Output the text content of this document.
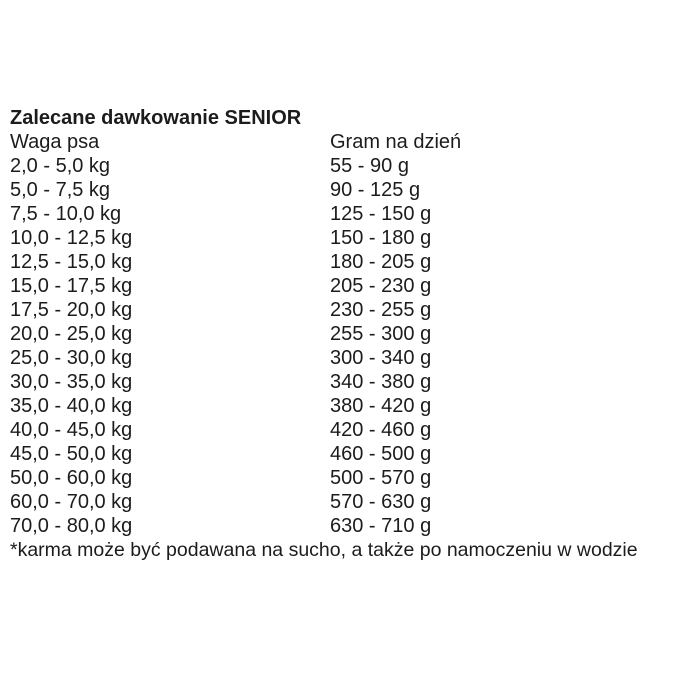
Zalecane dawkowanie SENIOR
Waga psa	Gram na dzień
2,0 - 5,0 kg	55 - 90 g
5,0 - 7,5 kg	90 - 125 g
7,5 - 10,0 kg	125 - 150 g
10,0 - 12,5 kg	150 - 180 g
12,5 - 15,0 kg	180 - 205 g
15,0 - 17,5 kg	205 - 230 g
17,5 - 20,0 kg	230 - 255 g
20,0 - 25,0 kg	255 - 300 g
25,0 - 30,0 kg	300 - 340 g
30,0 - 35,0 kg	340 - 380 g
35,0 - 40,0 kg	380 - 420 g
40,0 - 45,0 kg	420 - 460 g
45,0 - 50,0 kg	460 - 500 g
50,0 - 60,0 kg	500 - 570 g
60,0 - 70,0 kg	570 - 630 g
70,0 - 80,0 kg	630 - 710 g
*karma może być podawana na sucho, a także po namoczeniu w wodzie
